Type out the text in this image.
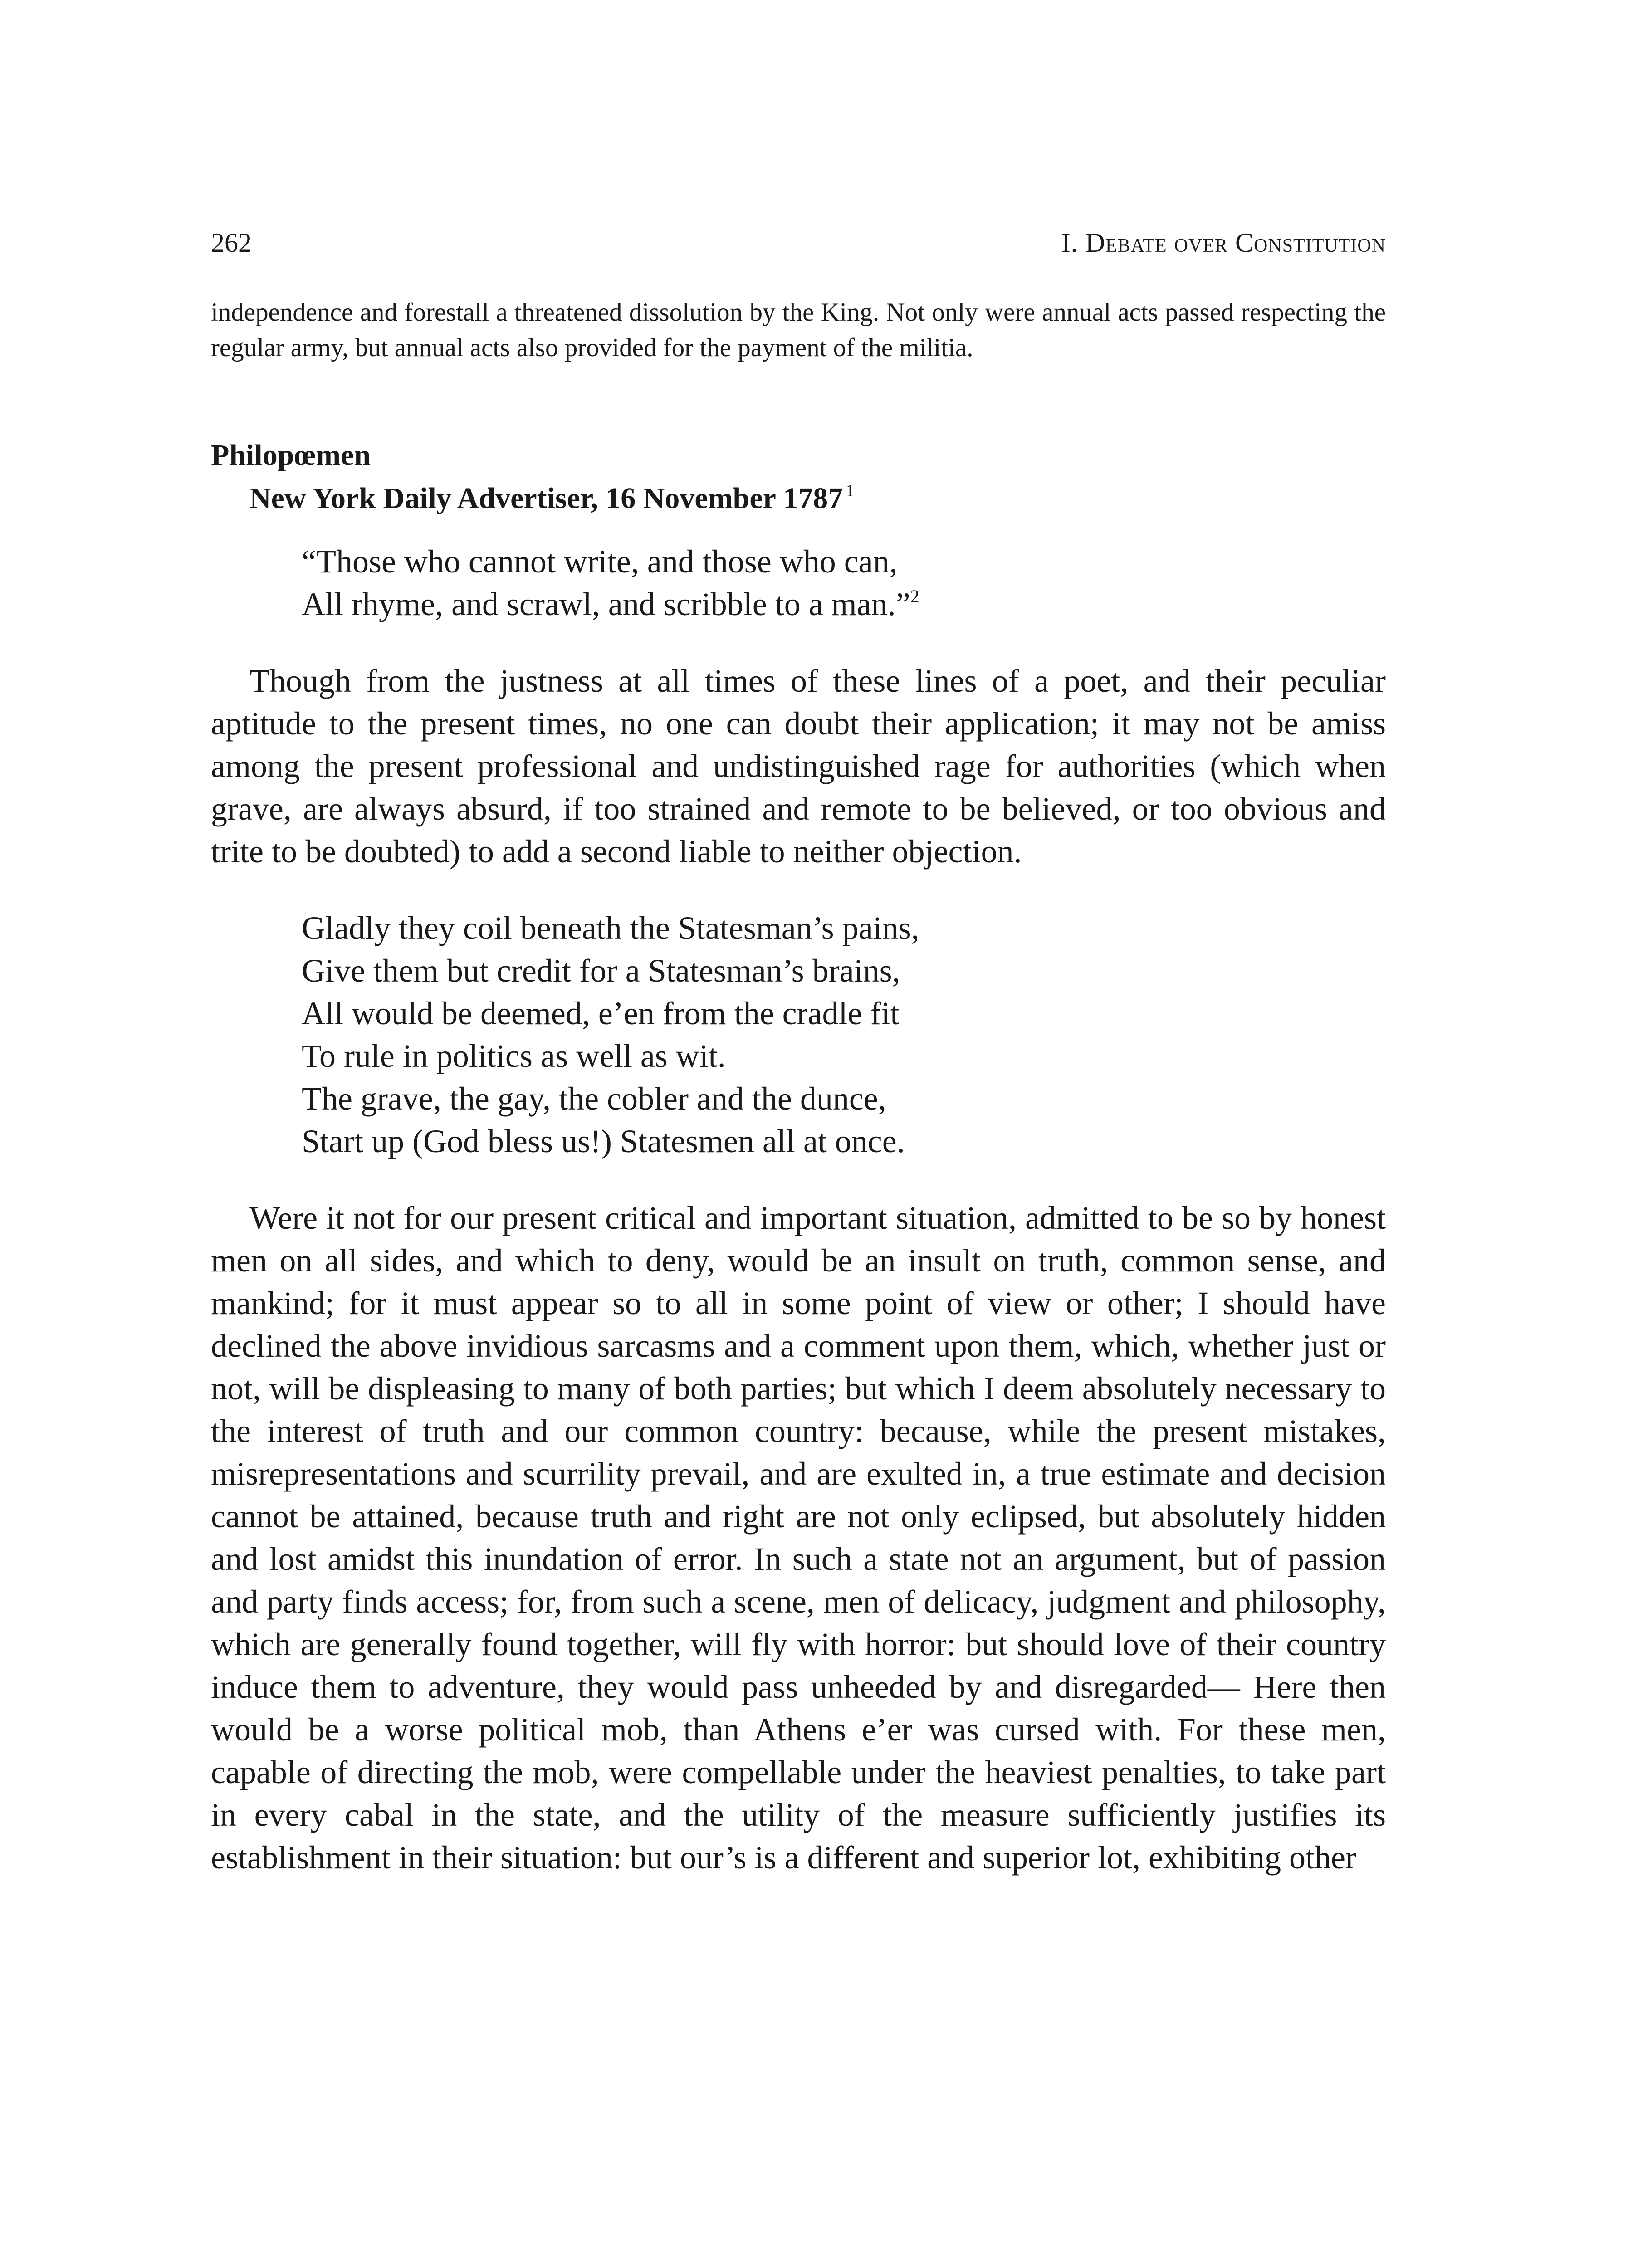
262	I. Debate over Constitution

independence and forestall a threatened dissolution by the King. Not only were annual acts passed respecting the regular army, but annual acts also provided for the payment of the militia.

Philopœmen
New York Daily Advertiser, 16 November 1787 $^1$
“Those who cannot write, and those who can,
All rhyme, and scrawl, and scribble to a man.”$^2$

Though from the justness at all times of these lines of a poet, and their peculiar aptitude to the present times, no one can doubt their application; it may not be amiss among the present professional and undistinguished rage for authorities (which when grave, are always absurd, if too strained and remote to be believed, or too obvious and trite to be doubted) to add a second liable to neither objection.

Gladly they coil beneath the Statesman’s pains,
Give them but credit for a Statesman’s brains,
All would be deemed, e’en from the cradle fit
To rule in politics as well as wit.
The grave, the gay, the cobler and the dunce,
Start up (God bless us!) Statesmen all at once.

Were it not for our present critical and important situation, admitted to be so by honest men on all sides, and which to deny, would be an insult on truth, common sense, and mankind; for it must appear so to all in some point of view or other; I should have declined the above invidious sarcasms and a comment upon them, which, whether just or not, will be displeasing to many of both parties; but which I deem absolutely necessary to the interest of truth and our common country: because, while the present mistakes, misrepresentations and scurrility prevail, and are exulted in, a true estimate and decision cannot be attained, because truth and right are not only eclipsed, but absolutely hidden and lost amidst this inundation of error. In such a state not an argument, but of passion and party finds access; for, from such a scene, men of delicacy, judgment and philosophy, which are generally found together, will fly with horror: but should love of their country induce them to adventure, they would pass unheeded by and disregarded— Here then would be a worse political mob, than Athens e’er was cursed with. For these men, capable of directing the mob, were compellable under the heaviest penalties, to take part in every cabal in the state, and the utility of the measure sufficiently justifies its establishment in their situation: but our’s is a different and superior lot, exhibiting other
